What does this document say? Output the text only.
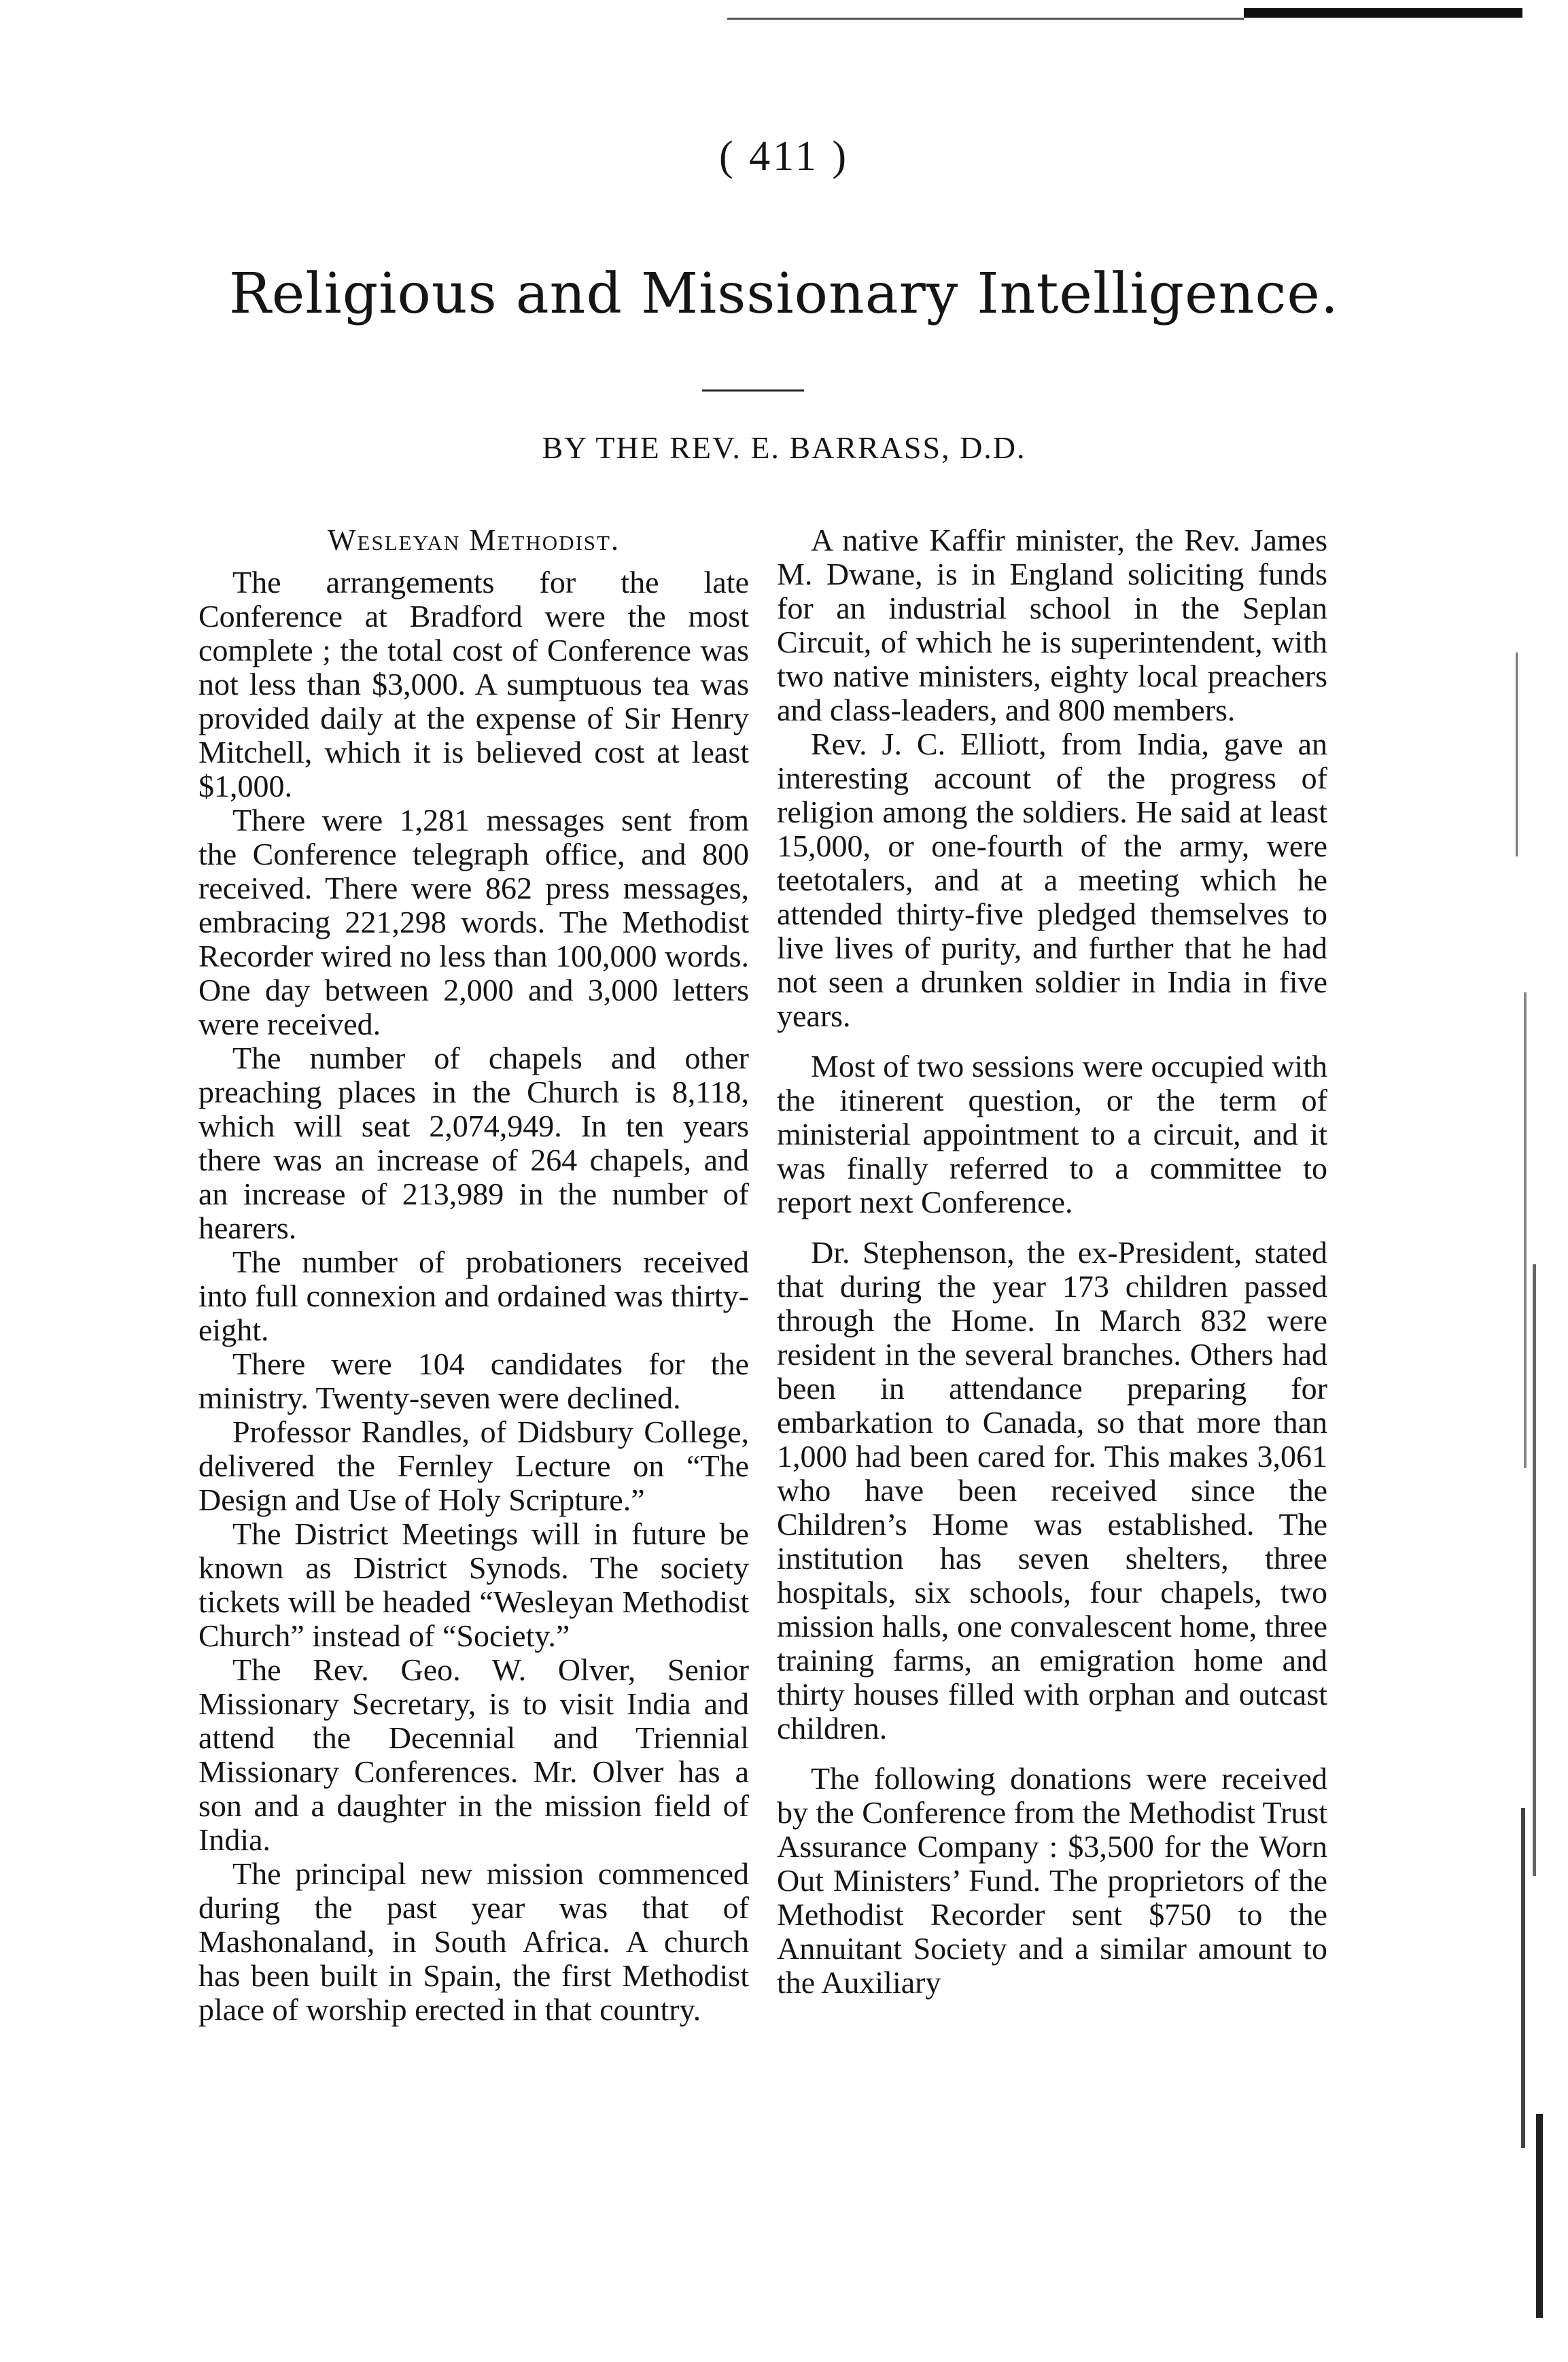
( 411 )
Religious and Missionary Intelligence.
BY THE REV. E. BARRASS, D.D.
Wesleyan Methodist.

The arrangements for the late Conference at Bradford were the most complete ; the total cost of Conference was not less than $3,000. A sumptuous tea was provided daily at the expense of Sir Henry Mitchell, which it is believed cost at least $1,000.

There were 1,281 messages sent from the Conference telegraph office, and 800 received. There were 862 press messages, embracing 221,298 words. The Methodist Recorder wired no less than 100,000 words. One day between 2,000 and 3,000 letters were received.

The number of chapels and other preaching places in the Church is 8,118, which will seat 2,074,949. In ten years there was an increase of 264 chapels, and an increase of 213,989 in the number of hearers.

The number of probationers received into full connexion and ordained was thirty-eight.

There were 104 candidates for the ministry. Twenty-seven were declined.

Professor Randles, of Didsbury College, delivered the Fernley Lecture on “The Design and Use of Holy Scripture.”

The District Meetings will in future be known as District Synods. The society tickets will be headed “Wesleyan Methodist Church” instead of “Society.”

The Rev. Geo. W. Olver, Senior Missionary Secretary, is to visit India and attend the Decennial and Triennial Missionary Conferences. Mr. Olver has a son and a daughter in the mission field of India.

The principal new mission commenced during the past year was that of Mashonaland, in South Africa. A church has been built in Spain, the first Methodist place of worship erected in that country.

A native Kaffir minister, the Rev. James M. Dwane, is in England soliciting funds for an industrial school in the Seplan Circuit, of which he is superintendent, with two native ministers, eighty local preachers and class-leaders, and 800 members.

Rev. J. C. Elliott, from India, gave an interesting account of the progress of religion among the soldiers. He said at least 15,000, or one-fourth of the army, were teetotalers, and at a meeting which he attended thirty-five pledged themselves to live lives of purity, and further that he had not seen a drunken soldier in India in five years.

Most of two sessions were occupied with the itinerent question, or the term of ministerial appointment to a circuit, and it was finally referred to a committee to report next Conference.

Dr. Stephenson, the ex-President, stated that during the year 173 children passed through the Home. In March 832 were resident in the several branches. Others had been in attendance preparing for embarkation to Canada, so that more than 1,000 had been cared for. This makes 3,061 who have been received since the Children’s Home was established. The institution has seven shelters, three hospitals, six schools, four chapels, two mission halls, one convalescent home, three training farms, an emigration home and thirty houses filled with orphan and outcast children.

The following donations were received by the Conference from the Methodist Trust Assurance Company : $3,500 for the Worn Out Ministers’ Fund. The proprietors of the Methodist Recorder sent $750 to the Annuitant Society and a similar amount to the Auxiliary
